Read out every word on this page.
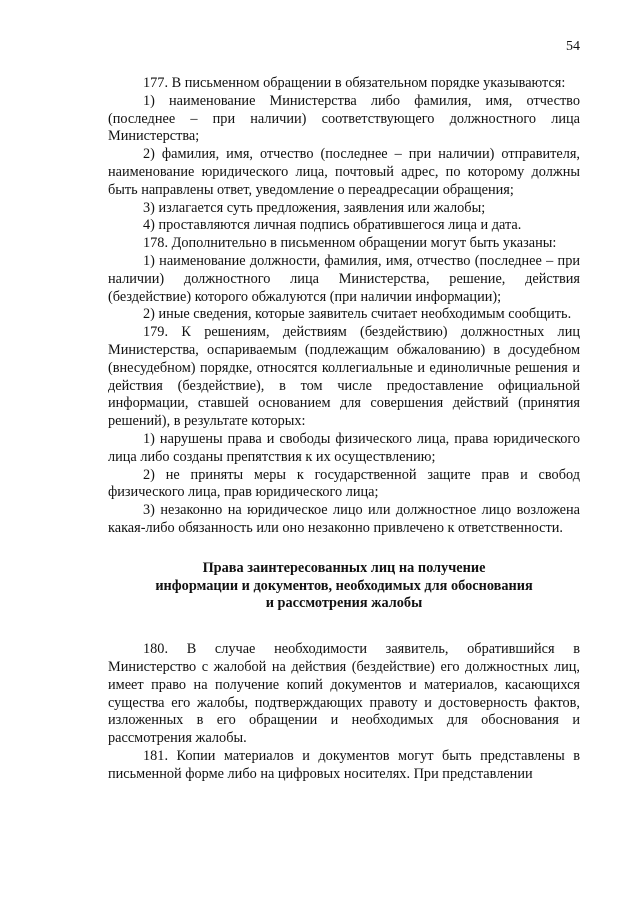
54

177. В письменном обращении в обязательном порядке указываются:

1) наименование Министерства либо фамилия, имя, отчество (последнее – при наличии) соответствующего должностного лица Министерства;

2) фамилия, имя, отчество (последнее – при наличии) отправителя, наименование юридического лица, почтовый адрес, по которому должны быть направлены ответ, уведомление о переадресации обращения;

3) излагается суть предложения, заявления или жалобы;

4) проставляются личная подпись обратившегося лица и дата.

178. Дополнительно в письменном обращении могут быть указаны:

1) наименование должности, фамилия, имя, отчество (последнее – при наличии) должностного лица Министерства, решение, действия (бездействие) которого обжалуются (при наличии информации);

2) иные сведения, которые заявитель считает необходимым сообщить.

179. К решениям, действиям (бездействию) должностных лиц Министерства, оспариваемым (подлежащим обжалованию) в досудебном (внесудебном) порядке, относятся коллегиальные и единоличные решения и действия (бездействие), в том числе предоставление официальной информации, ставшей основанием для совершения действий (принятия решений), в результате которых:

1) нарушены права и свободы физического лица, права юридического лица либо созданы препятствия к их осуществлению;

2) не приняты меры к государственной защите прав и свобод физического лица, прав юридического лица;

3) незаконно на юридическое лицо или должностное лицо возложена какая-либо обязанность или оно незаконно привлечено к ответственности.

Права заинтересованных лиц на получение
информации и документов, необходимых для обоснования
и рассмотрения жалобы

180. В случае необходимости заявитель, обратившийся в Министерство с жалобой на действия (бездействие) его должностных лиц, имеет право на получение копий документов и материалов, касающихся существа его жалобы, подтверждающих правоту и достоверность фактов, изложенных в его обращении и необходимых для обоснования и рассмотрения жалобы.

181. Копии материалов и документов могут быть представлены в письменной форме либо на цифровых носителях. При представлении
